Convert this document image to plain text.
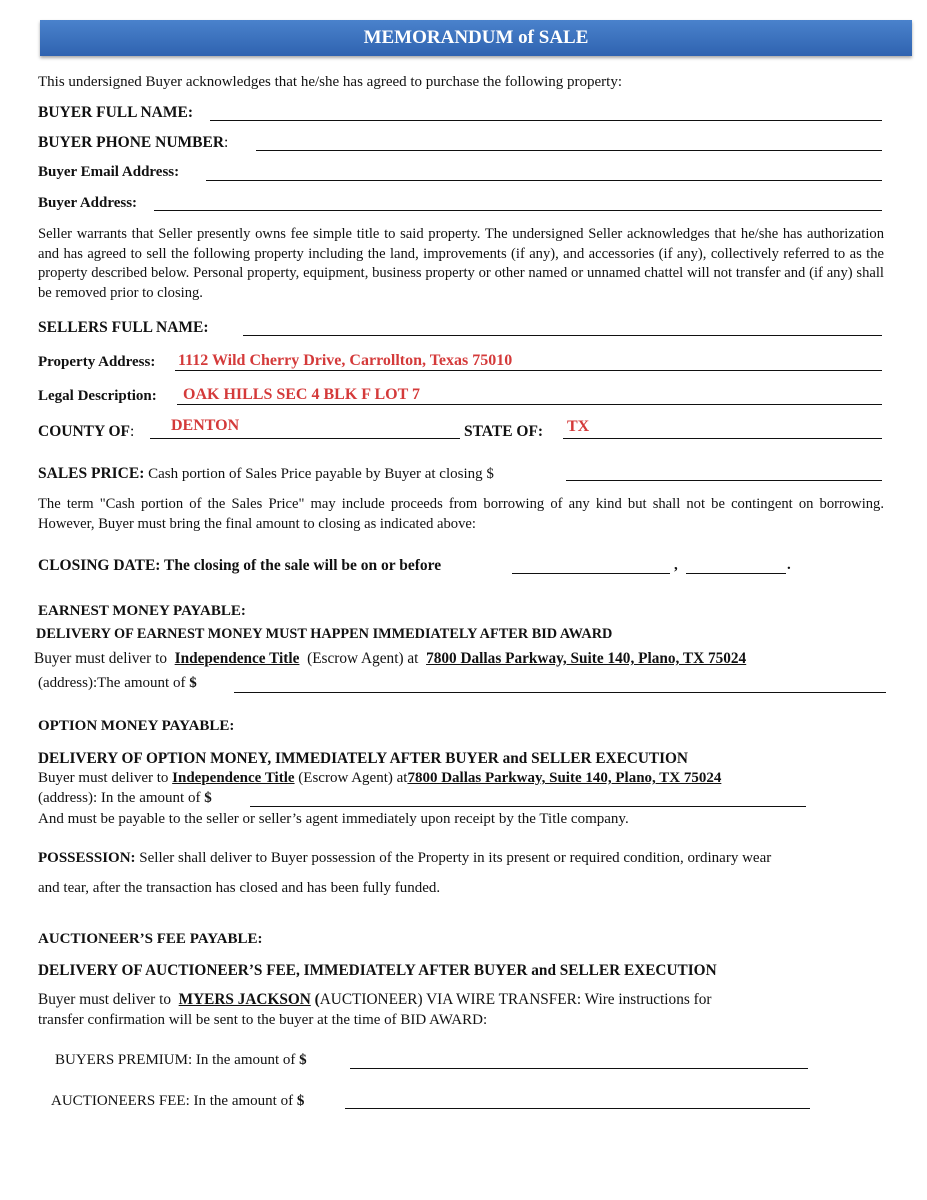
MEMORANDUM of SALE
This undersigned Buyer acknowledges that he/she has agreed to purchase the following property:
BUYER FULL NAME:
BUYER PHONE NUMBER:
Buyer Email Address:
Buyer Address:
Seller warrants that Seller presently owns fee simple title to said property. The undersigned Seller acknowledges that he/she has authorization and has agreed to sell the following property including the land, improvements (if any), and accessories (if any), collectively referred to as the property described below. Personal property, equipment, business property or other named or unnamed chattel will not transfer and (if any) shall be removed prior to closing.
SELLERS FULL NAME:
Property Address: 1112 Wild Cherry Drive, Carrollton, Texas 75010
Legal Description: OAK HILLS SEC 4 BLK F LOT 7
COUNTY OF: DENTON	STATE OF: TX
SALES PRICE: Cash portion of Sales Price payable by Buyer at closing $
The term "Cash portion of the Sales Price" may include proceeds from borrowing of any kind but shall not be contingent on borrowing. However, Buyer must bring the final amount to closing as indicated above:
CLOSING DATE: The closing of the sale will be on or before	,	.
EARNEST MONEY PAYABLE:
DELIVERY OF EARNEST MONEY MUST HAPPEN IMMEDIATELY AFTER BID AWARD
Buyer must deliver to Independence Title (Escrow Agent) at 7800 Dallas Parkway, Suite 140, Plano, TX 75024
(address):The amount of $
OPTION MONEY PAYABLE:
DELIVERY OF OPTION MONEY, IMMEDIATELY AFTER BUYER and SELLER EXECUTION
Buyer must deliver to Independence Title (Escrow Agent) at7800 Dallas Parkway, Suite 140, Plano, TX 75024
(address): In the amount of $
And must be payable to the seller or seller’s agent immediately upon receipt by the Title company.
POSSESSION: Seller shall deliver to Buyer possession of the Property in its present or required condition, ordinary wear
and tear, after the transaction has closed and has been fully funded.
AUCTIONEER’S FEE PAYABLE:
DELIVERY OF AUCTIONEER’S FEE, IMMEDIATELY AFTER BUYER and SELLER EXECUTION
Buyer must deliver to MYERS JACKSON (AUCTIONEER) VIA WIRE TRANSFER: Wire instructions for
transfer confirmation will be sent to the buyer at the time of BID AWARD:
BUYERS PREMIUM: In the amount of $
AUCTIONEERS FEE: In the amount of $
